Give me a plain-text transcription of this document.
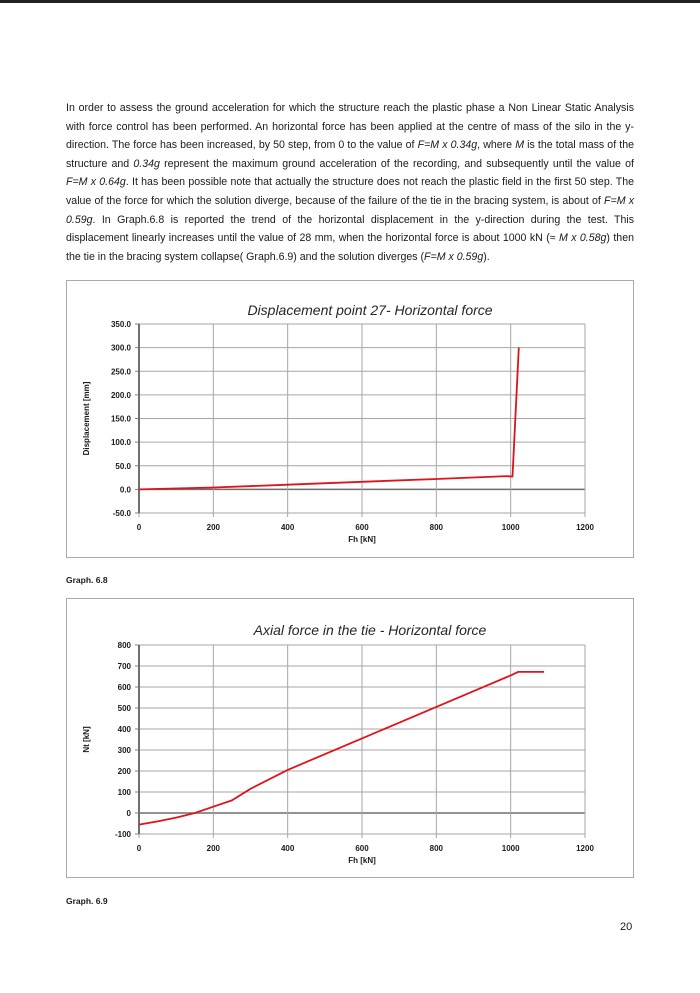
In order to assess the ground acceleration for which the structure reach the plastic phase a Non Linear Static Analysis with force control has been performed. An horizontal force has been applied at the centre of mass of the silo in the y-direction. The force has been increased, by 50 step, from 0 to the value of F=M x 0.34g, where M is the total mass of the structure and 0.34g represent the maximum ground acceleration of the recording, and subsequently until the value of F=M x 0.64g. It has been possible note that actually the structure does not reach the plastic field in the first 50 step. The value of the force for which the solution diverge, because of the failure of the tie in the bracing system, is about of F=M x 0.59g. In Graph.6.8 is reported the trend of the horizontal displacement in the y-direction during the test. This displacement linearly increases until the value of 28 mm, when the horizontal force is about 1000 kN (≈ M x 0.58g) then the tie in the bracing system collapse( Graph.6.9) and the solution diverges (F=M x 0.59g).
Displacement point 27- Horizontal force
350.0
300.0
250.0
200.0
150.0
100.0
50.0
0.0
-50.0
0	200	400	600	800	1000	1200
Fh [kN]
Displacement [mm]
Graph. 6.8
Axial force in the tie - Horizontal force
800
700
600
500
400
300
200
100
0
-100
0	200	400	600	800	1000	1200
Fh [kN]
Nt [kN]
Graph. 6.9
20
